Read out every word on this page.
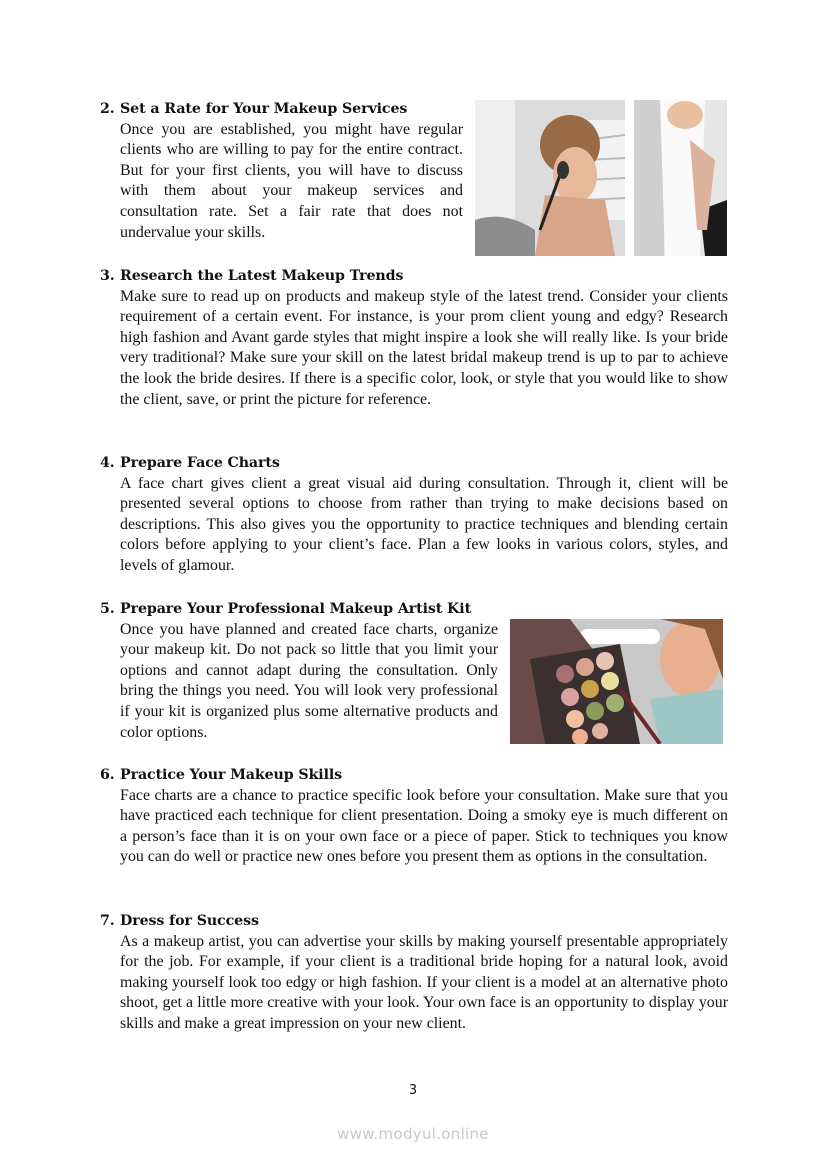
2. Set a Rate for Your Makeup Services

Once you are established, you might have regular clients who are willing to pay for the entire contract. But for your first clients, you will have to discuss with them about your makeup services and consultation rate. Set a fair rate that does not undervalue your skills.

3. Research the Latest Makeup Trends

Make sure to read up on products and makeup style of the latest trend. Consider your clients requirement of a certain event. For instance, is your prom client young and edgy? Research high fashion and Avant garde styles that might inspire a look she will really like. Is your bride very traditional? Make sure your skill on the latest bridal makeup trend is up to par to achieve the look the bride desires. If there is a specific color, look, or style that you would like to show the client, save, or print the picture for reference.

4. Prepare Face Charts

A face chart gives client a great visual aid during consultation. Through it, client will be presented several options to choose from rather than trying to make decisions based on descriptions. This also gives you the opportunity to practice techniques and blending certain colors before applying to your client’s face. Plan a few looks in various colors, styles, and levels of glamour.

5. Prepare Your Professional Makeup Artist Kit

Once you have planned and created face charts, organize your makeup kit. Do not pack so little that you limit your options and cannot adapt during the consultation. Only bring the things you need. You will look very professional if your kit is organized plus some alternative products and color options.

6. Practice Your Makeup Skills

Face charts are a chance to practice specific look before your consultation. Make sure that you have practiced each technique for client presentation. Doing a smoky eye is much different on a person’s face than it is on your own face or a piece of paper. Stick to techniques you know you can do well or practice new ones before you present them as options in the consultation.

7. Dress for Success

As a makeup artist, you can advertise your skills by making yourself presentable appropriately for the job. For example, if your client is a traditional bride hoping for a natural look, avoid making yourself look too edgy or high fashion. If your client is a model at an alternative photo shoot, get a little more creative with your look. Your own face is an opportunity to display your skills and make a great impression on your new client.

3
www.modyul.online
